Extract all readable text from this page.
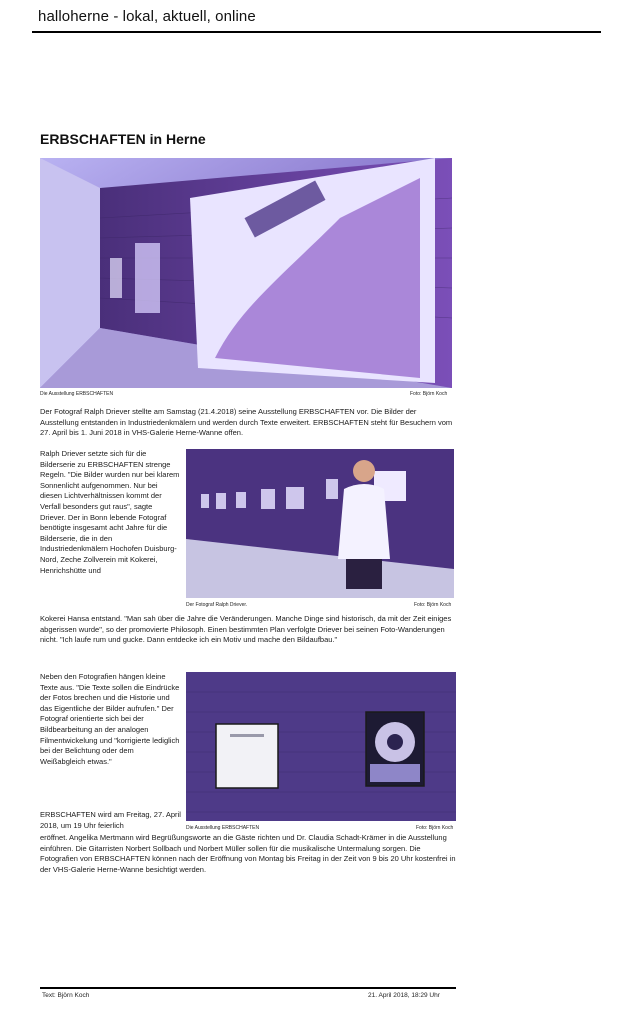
halloherne - lokal, aktuell, online
ERBSCHAFTEN in Herne
Die Ausstellung ERBSCHAFTEN	Foto: Björn Koch
Der Fotograf Ralph Driever stellte am Samstag (21.4.2018) seine Ausstellung ERBSCHAFTEN vor. Die Bilder der Ausstellung entstanden in Industriedenkmälern und werden durch Texte erweitert. ERBSCHAFTEN steht für Besuchern vom 27. April bis 1. Juni 2018 in VHS-Galerie Herne-Wanne offen.
Ralph Driever setzte sich für die Bilderserie zu ERBSCHAFTEN strenge Regeln. "Die Bilder wurden nur bei klarem Sonnenlicht aufgenommen. Nur bei diesen Lichtverhältnissen kommt der Verfall besonders gut raus", sagte Driever. Der in Bonn lebende Fotograf benötigte insgesamt acht Jahre für die Bilderserie, die in den Industriedenkmälern Hochofen Duisburg-Nord, Zeche Zollverein mit Kokerei, Henrichshütte und
Der Fotograf Ralph Driever.	Foto: Björn Koch
Kokerei Hansa entstand. "Man sah über die Jahre die Veränderungen. Manche Dinge sind historisch, da mit der Zeit einiges abgerissen wurde", so der promovierte Philosoph. Einen bestimmten Plan verfolgte Driever bei seinen Foto-Wanderungen nicht. "Ich laufe rum und gucke. Dann entdecke ich ein Motiv und mache den Bildaufbau."
Neben den Fotografien hängen kleine Texte aus. "Die Texte sollen die Eindrücke der Fotos brechen und die Historie und das Eigentliche der Bilder aufrufen." Der Fotograf orientierte sich bei der Bildbearbeitung an der analogen Filmentwickelung und "korrigierte lediglich bei der Belichtung oder dem Weißabgleich etwas."
ERBSCHAFTEN wird am Freitag, 27. April 2018, um 19 Uhr feierlich	Die Ausstellung ERBSCHAFTEN	Foto: Björn Koch
eröffnet. Angelika Mertmann wird Begrüßungsworte an die Gäste richten und Dr. Claudia Schadt-Krämer in die Ausstellung einführen. Die Gitarristen Norbert Sollbach und Norbert Müller sollen für die musikalische Untermalung sorgen. Die Fotografien von ERBSCHAFTEN können nach der Eröffnung von Montag bis Freitag in der Zeit von 9 bis 20 Uhr kostenfrei in der VHS-Galerie Herne-Wanne besichtigt werden.
Text: Björn Koch	21. April 2018, 18:29 Uhr
